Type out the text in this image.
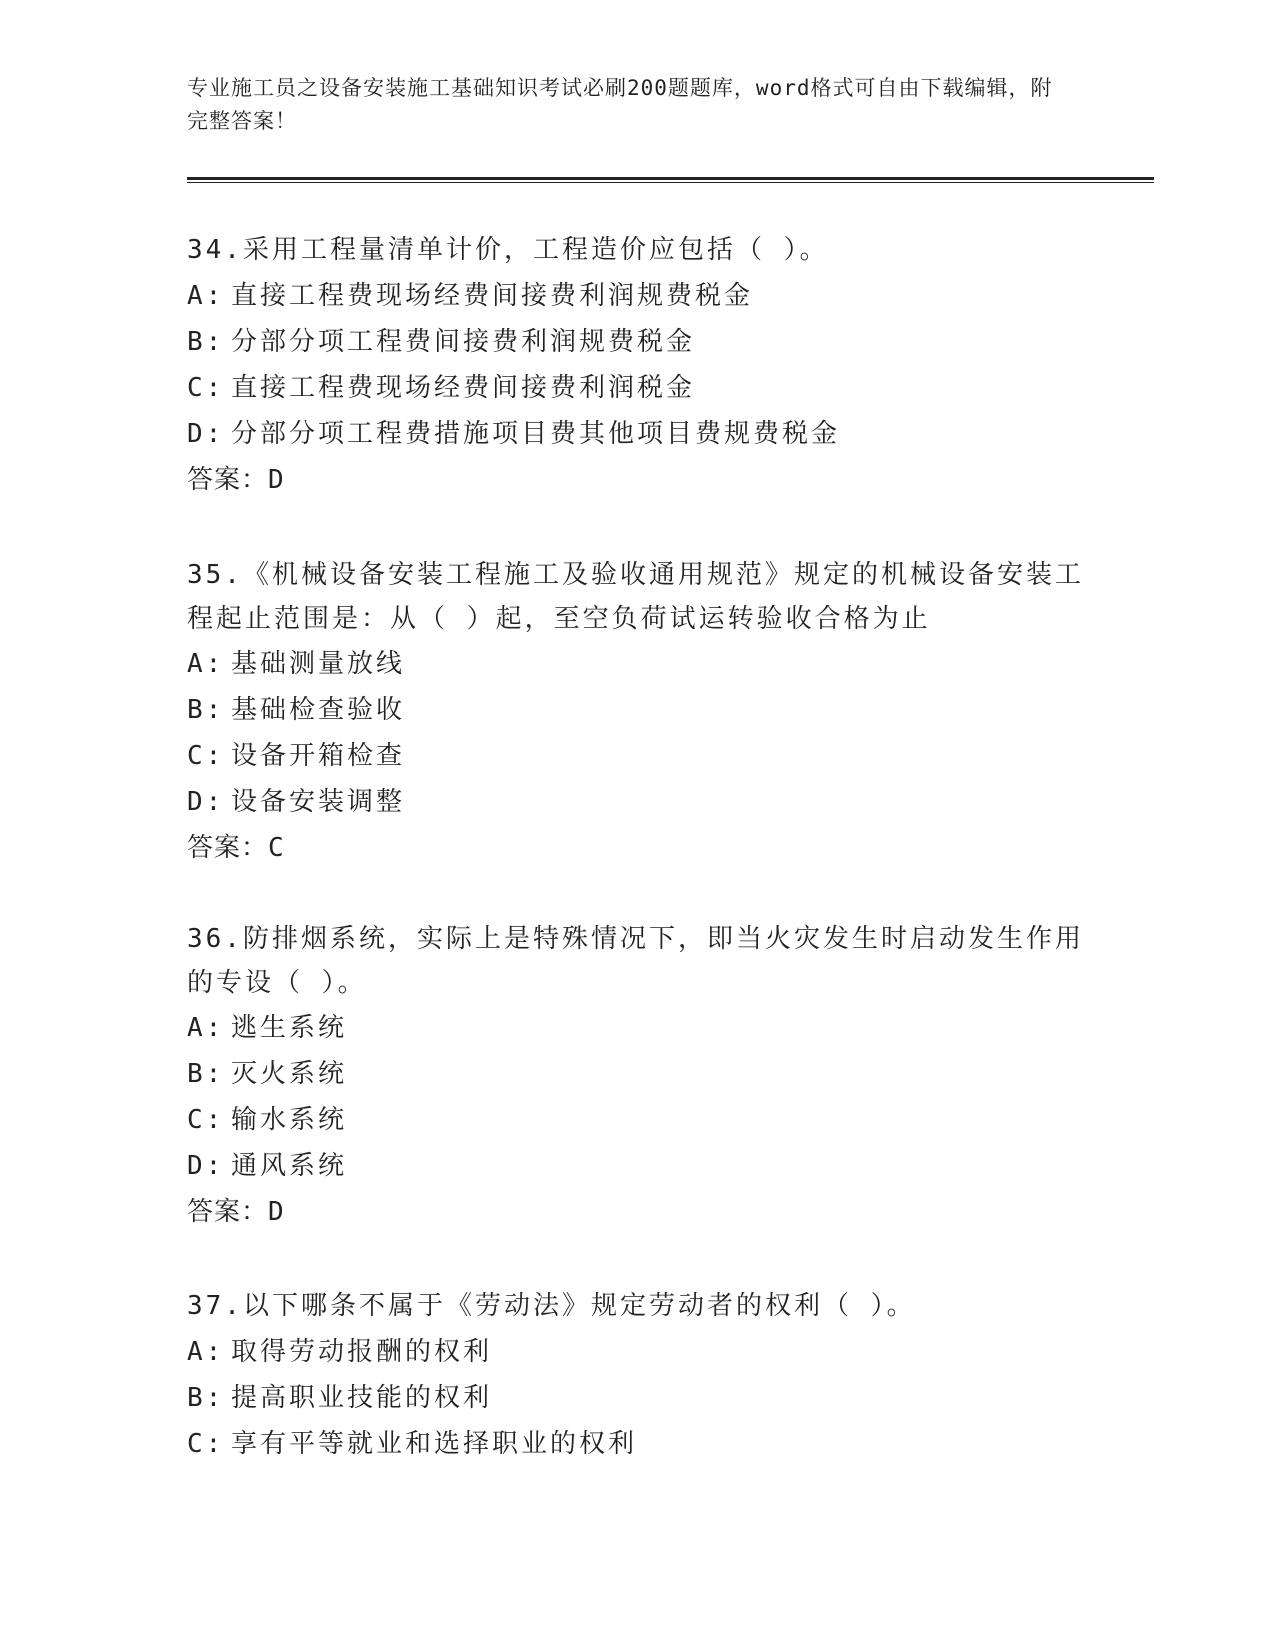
专业施工员之设备安装施工基础知识考试必刷200题题库，word格式可自由下载编辑，附完整答案！

34.采用工程量清单计价，工程造价应包括（ ）。

A: 直接工程费现场经费间接费利润规费税金

B: 分部分项工程费间接费利润规费税金

C: 直接工程费现场经费间接费利润税金

D: 分部分项工程费措施项目费其他项目费规费税金

答案：D

35.《机械设备安装工程施工及验收通用规范》规定的机械设备安装工程起止范围是：从（ ）起，至空负荷试运转验收合格为止

A: 基础测量放线

B: 基础检查验收

C: 设备开箱检查

D: 设备安装调整

答案：C

36.防排烟系统，实际上是特殊情况下，即当火灾发生时启动发生作用的专设（ ）。

A: 逃生系统

B: 灭火系统

C: 输水系统

D: 通风系统

答案：D

37.以下哪条不属于《劳动法》规定劳动者的权利（ ）。

A: 取得劳动报酬的权利

B: 提高职业技能的权利

C: 享有平等就业和选择职业的权利
